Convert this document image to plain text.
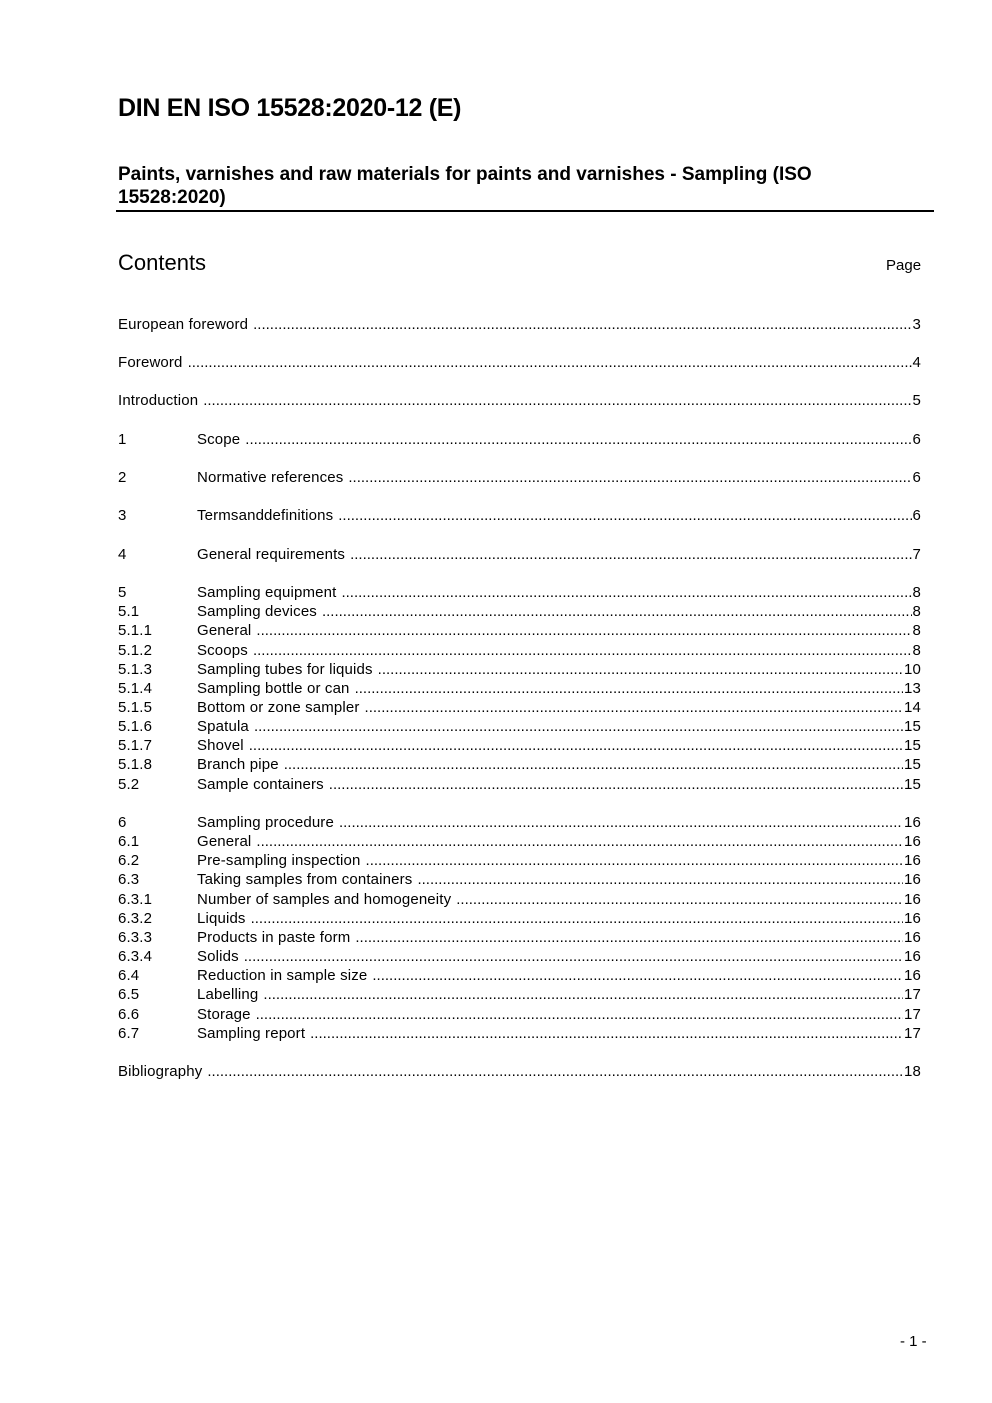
DIN EN ISO 15528:2020-12 (E)
Paints, varnishes and raw materials for paints and varnishes - Sampling (ISO 15528:2020)
Contents	Page
European foreword .....	3
Foreword .....	4
Introduction .....	5
1	Scope .....	6
2	Normative references .....	6
3	Termsanddefinitions .....	6
4	General requirements .....	7
5	Sampling equipment .....	8
5.1	Sampling devices .....	8
5.1.1	General .....	8
5.1.2	Scoops .....	8
5.1.3	Sampling tubes for liquids .....	10
5.1.4	Sampling bottle or can .....	13
5.1.5	Bottom or zone sampler .....	14
5.1.6	Spatula .....	15
5.1.7	Shovel .....	15
5.1.8	Branch pipe .....	15
5.2	Sample containers .....	15
6	Sampling procedure .....	16
6.1	General .....	16
6.2	Pre-sampling inspection .....	16
6.3	Taking samples from containers .....	16
6.3.1	Number of samples and homogeneity .....	16
6.3.2	Liquids .....	16
6.3.3	Products in paste form .....	16
6.3.4	Solids .....	16
6.4	Reduction in sample size .....	16
6.5	Labelling .....	17
6.6	Storage .....	17
6.7	Sampling report .....	17
Bibliography .....	18
- 1 -
